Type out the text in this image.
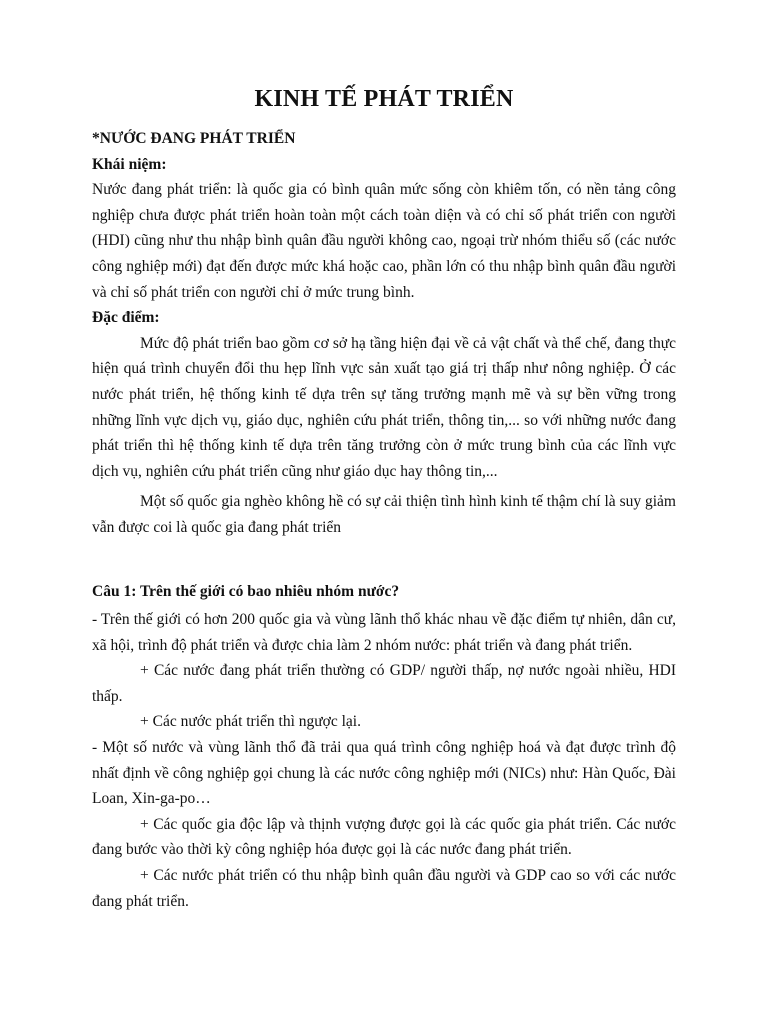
KINH TẾ PHÁT TRIỂN

*NƯỚC ĐANG PHÁT TRIỂN

Khái niệm:

Nước đang phát triển: là quốc gia có bình quân mức sống còn khiêm tốn, có nền tảng công nghiệp chưa được phát triển hoàn toàn một cách toàn diện và có chỉ số phát triển con người (HDI) cũng như thu nhập bình quân đầu người không cao, ngoại trừ nhóm thiểu số (các nước công nghiệp mới) đạt đến được mức khá hoặc cao, phần lớn có thu nhập bình quân đầu người và chỉ số phát triển con người chỉ ở mức trung bình.

Đặc điểm:

Mức độ phát triển bao gồm cơ sở hạ tầng hiện đại về cả vật chất và thể chế, đang thực hiện quá trình chuyển đổi thu hẹp lĩnh vực sản xuất tạo giá trị thấp như nông nghiệp. Ở các nước phát triển, hệ thống kinh tế dựa trên sự tăng trưởng mạnh mẽ và sự bền vững trong những lĩnh vực dịch vụ, giáo dục, nghiên cứu phát triển, thông tin,... so với những nước đang phát triển thì hệ thống kinh tế dựa trên tăng trưởng còn ở mức trung bình của các lĩnh vực dịch vụ, nghiên cứu phát triển cũng như giáo dục hay thông tin,...

Một số quốc gia nghèo không hề có sự cải thiện tình hình kinh tế thậm chí là suy giảm vẫn được coi là quốc gia đang phát triển

Câu 1: Trên thế giới có bao nhiêu nhóm nước?

- Trên thế giới có hơn 200 quốc gia và vùng lãnh thổ khác nhau về đặc điểm tự nhiên, dân cư, xã hội, trình độ phát triển và được chia làm 2 nhóm nước: phát triển và đang phát triển.

+ Các nước đang phát triển thường có GDP/ người thấp, nợ nước ngoài nhiều, HDI thấp.

+ Các nước phát triển thì ngược lại.

- Một số nước và vùng lãnh thổ đã trải qua quá trình công nghiệp hoá và đạt được trình độ nhất định về công nghiệp gọi chung là các nước công nghiệp mới (NICs) như: Hàn Quốc, Đài Loan, Xin-ga-po…

+ Các quốc gia độc lập và thịnh vượng được gọi là các quốc gia phát triển. Các nước đang bước vào thời kỳ công nghiệp hóa được gọi là các nước đang phát triển.

+ Các nước phát triển có thu nhập bình quân đầu người và GDP cao so với các nước đang phát triển.
